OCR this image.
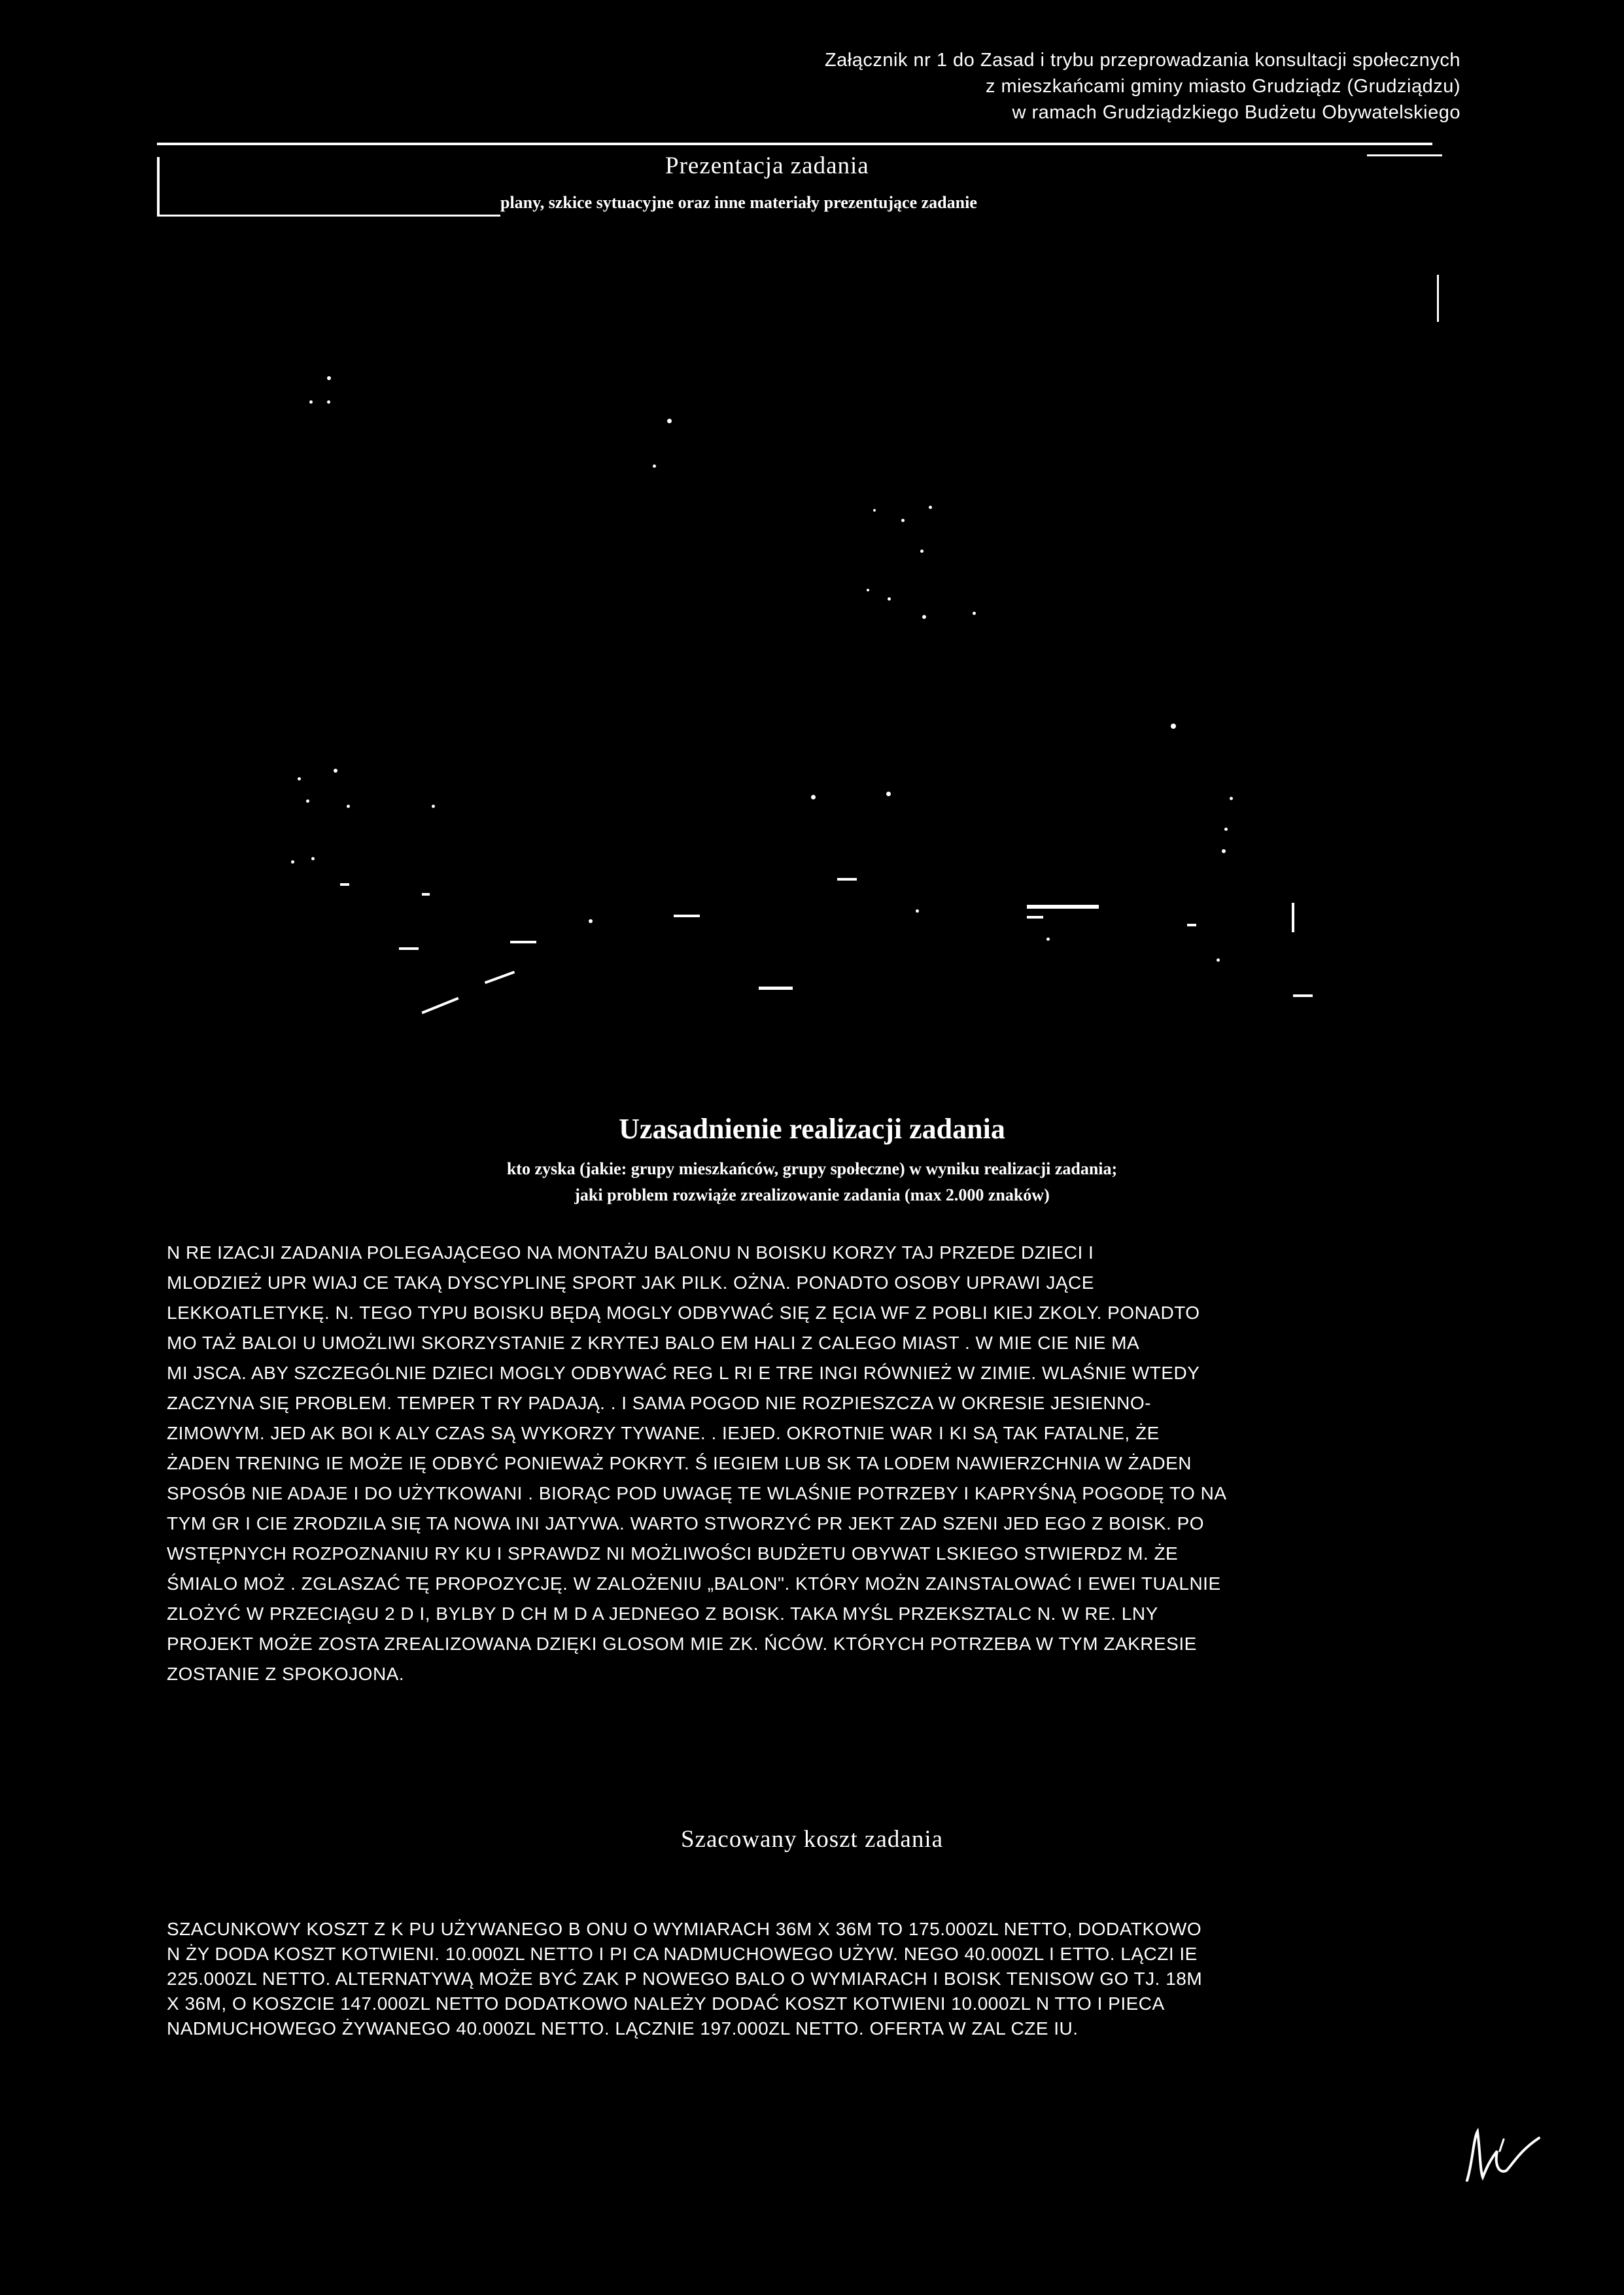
Załącznik nr 1 do Zasad i trybu przeprowadzania konsultacji społecznych
z mieszkańcami gminy miasto Grudziądz (Grudziądzu)
w ramach Grudziądzkiego Budżetu Obywatelskiego
Prezentacja zadania
plany, szkice sytuacyjne oraz inne materiały prezentujące zadanie
Uzasadnienie realizacji zadania
kto zyska (jakie: grupy mieszkańców, grupy społeczne) w wyniku realizacji zadania;
jaki problem rozwiąże zrealizowanie zadania (max 2.000 znaków)

N RE IZACJI ZADANIA POLEGAJĄCEGO NA MONTAŻU BALONU N BOISKU KORZY TAJ PRZEDE DZIECI I

MLODZIEŻ UPR WIAJ CE TAKĄ DYSCYPLINĘ SPORT JAK PILK. OŻNA. PONADTO OSOBY UPRAWI JĄCE

LEKKOATLETYKĘ. N. TEGO TYPU BOISKU BĘDĄ MOGLY ODBYWAĆ SIĘ Z ĘCIA WF Z POBLI KIEJ ZKOLY. PONADTO

MO TAŻ BALOI U UMOŻLIWI SKORZYSTANIE Z KRYTEJ BALO EM HALI Z CALEGO MIAST . W MIE CIE NIE MA

MI JSCA. ABY SZCZEGÓLNIE DZIECI MOGLY ODBYWAĆ REG L RI E TRE INGI RÓWNIEŻ W ZIMIE. WLAŚNIE WTEDY

ZACZYNA SIĘ PROBLEM. TEMPER T RY PADAJĄ. . I SAMA POGOD NIE ROZPIESZCZA W OKRESIE JESIENNO-

ZIMOWYM. JED AK BOI K ALY CZAS SĄ WYKORZY TYWANE. . IEJED. OKROTNIE WAR I KI SĄ TAK FATALNE, ŻE

ŻADEN TRENING IE MOŻE IĘ ODBYĆ PONIEWAŻ POKRYT. Ś IEGIEM LUB SK TA LODEM NAWIERZCHNIA W ŻADEN

SPOSÓB NIE ADAJE I DO UŻYTKOWANI . BIORĄC POD UWAGĘ TE WLAŚNIE POTRZEBY I KAPRYŚNĄ POGODĘ TO NA

TYM GR I CIE ZRODZILA SIĘ TA NOWA INI JATYWA. WARTO STWORZYĆ PR JEKT ZAD SZENI JED EGO Z BOISK. PO

WSTĘPNYCH ROZPOZNANIU RY KU I SPRAWDZ NI MOŻLIWOŚCI BUDŻETU OBYWAT LSKIEGO STWIERDZ M. ŻE

ŚMIALO MOŻ . ZGLASZAĆ TĘ PROPOZYCJĘ. W ZALOŻENIU „BALON". KTÓRY MOŻN ZAINSTALOWAĆ I EWEI TUALNIE

ZLOŻYĆ W PRZECIĄGU 2 D I, BYLBY D CH M D A JEDNEGO Z BOISK. TAKA MYŚL PRZEKSZTALC N. W RE. LNY

PROJEKT MOŻE ZOSTA ZREALIZOWANA DZIĘKI GLOSOM MIE ZK. ŃCÓW. KTÓRYCH POTRZEBA W TYM ZAKRESIE

ZOSTANIE Z SPOKOJONA.

Szacowany koszt zadania

SZACUNKOWY KOSZT Z K PU UŻYWANEGO B ONU O WYMIARACH 36M X 36M TO 175.000ZL NETTO, DODATKOWO

N ŻY DODA KOSZT KOTWIENI. 10.000ZL NETTO I PI CA NADMUCHOWEGO UŻYW. NEGO 40.000ZL I ETTO. LĄCZI IE

225.000ZL NETTO. ALTERNATYWĄ MOŻE BYĆ ZAK P NOWEGO BALO O WYMIARACH I BOISK TENISOW GO TJ. 18M

X 36M, O KOSZCIE 147.000ZL NETTO DODATKOWO NALEŻY DODAĆ KOSZT KOTWIENI 10.000ZL N TTO I PIECA

NADMUCHOWEGO ŻYWANEGO 40.000ZL NETTO. LĄCZNIE 197.000ZL NETTO. OFERTA W ZAL CZE IU.
